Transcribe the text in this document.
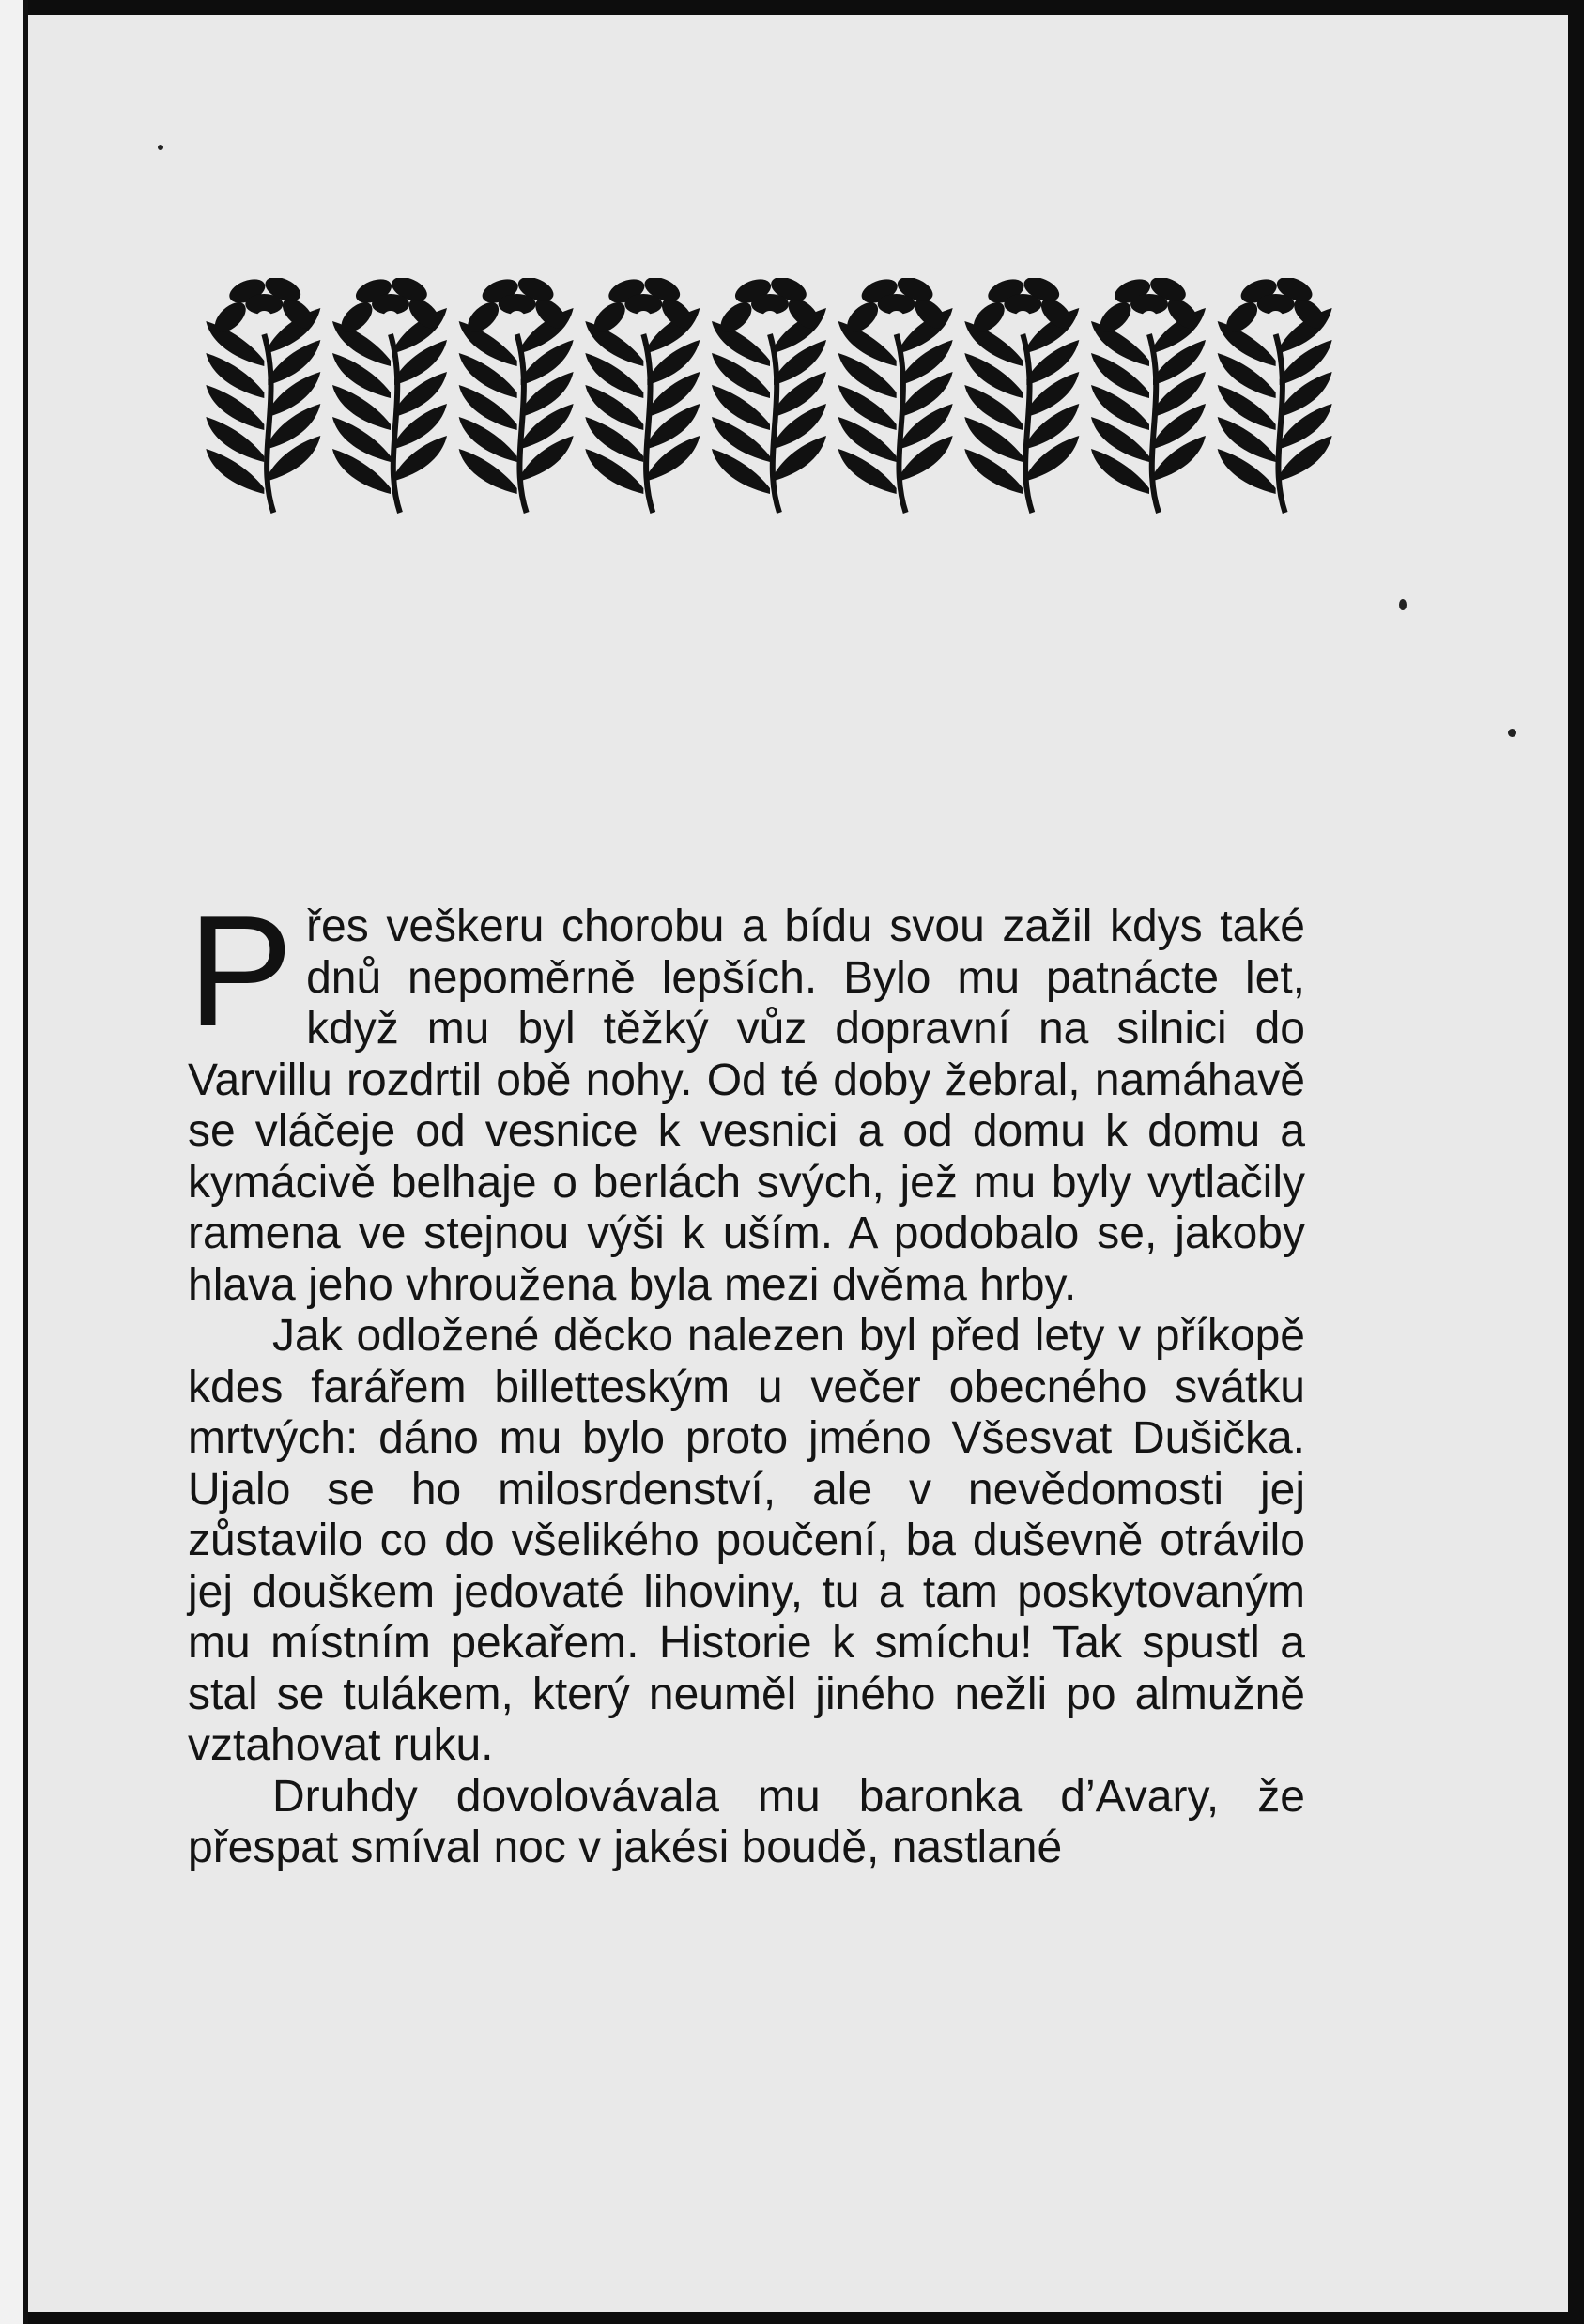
Přes veškeru chorobu a bídu svou zažil kdys také dnů nepoměrně lepších. Bylo mu patnácte let, když mu byl těžký vůz dopravní na silnici do Varvillu rozdrtil obě nohy. Od té doby žebral, namáhavě se vláčeje od vesnice k vesnici a od domu k domu a kymácivě belhaje o berlách svých, jež mu byly vytlačily ramena ve stejnou výši k uším. A podobalo se, jakoby hlava jeho vhroužena byla mezi dvěma hrby.

Jak odložené děcko nalezen byl před lety v příkopě kdes farářem billetteským u večer obecného svátku mrtvých: dáno mu bylo proto jméno Všesvat Dušička. Ujalo se ho milosrdenství, ale v nevědomosti jej zůstavilo co do všelikého poučení, ba duševně otrávilo jej douškem jedovaté lihoviny, tu a tam poskytovaným mu místním pekařem. Historie k smíchu! Tak spustl a stal se tulákem, který neuměl jiného nežli po almužně vztahovat ruku.

Druhdy dovolovávala mu baronka d’Avary, že přespat smíval noc v jakési boudě, nastlané
